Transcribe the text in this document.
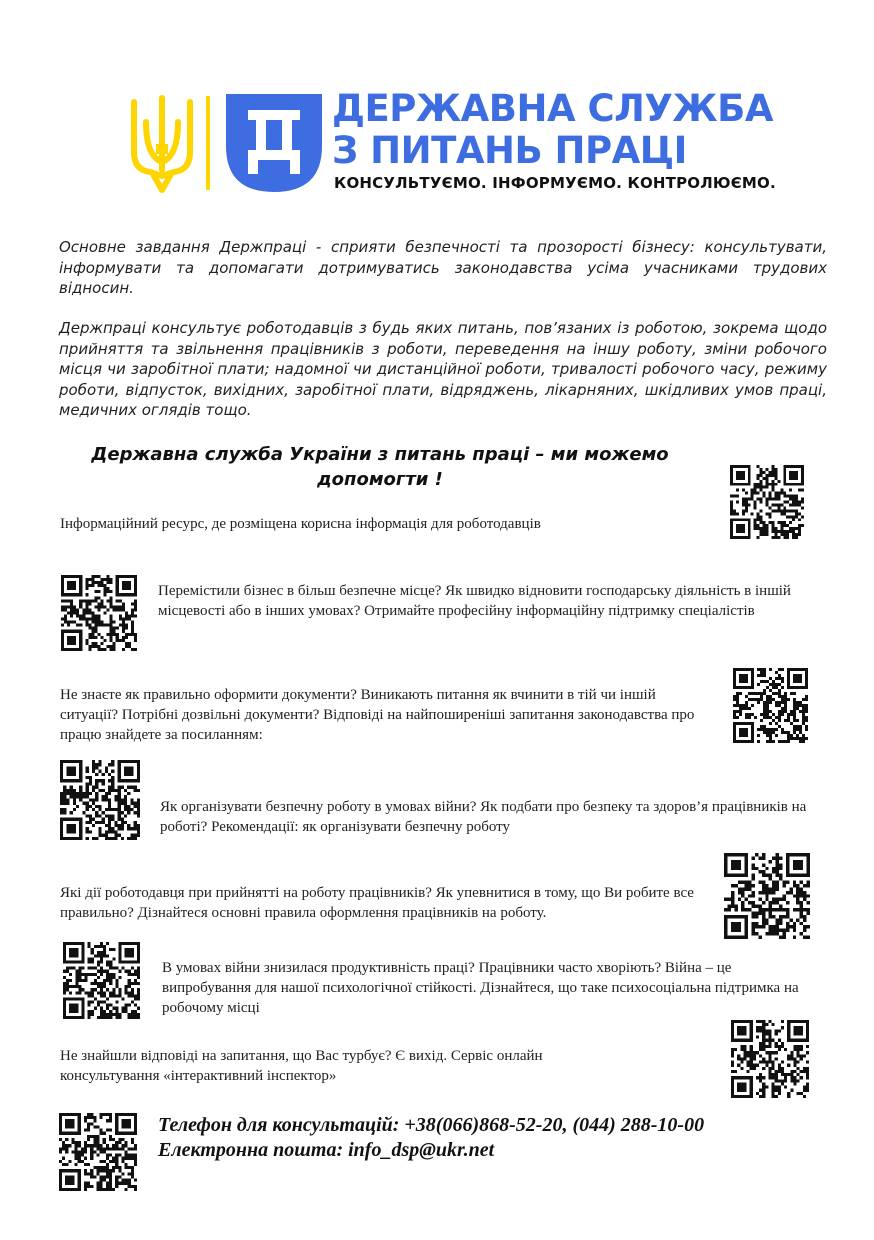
ДЕРЖАВНА СЛУЖБА
З ПИТАНЬ ПРАЦІ
КОНСУЛЬТУЄМО. ІНФОРМУЄМО. КОНТРОЛЮЄМО.
Основне завдання Держпраці - сприяти безпечності та прозорості бізнесу: консультувати, інформувати та допомагати дотримуватись законодавства усіма учасниками трудових відносин.
Держпраці консультує роботодавців з будь яких питань, пов’язаних із роботою, зокрема щодо прийняття та звільнення працівників з роботи, переведення на іншу роботу, зміни робочого місця чи заробітної плати; надомної чи дистанційної роботи, тривалості робочого часу, режиму роботи, відпусток, вихідних, заробітної плати, відряджень, лікарняних, шкідливих умов праці, медичних оглядів тощо.
Державна служба України з питань праці – ми можемо допомогти !
Інформаційний ресурс, де розміщена корисна інформація для роботодавців
Перемістили бізнес в більш безпечне місце? Як швидко відновити господарську діяльність в іншій місцевості або в інших умовах? Отримайте професійну інформаційну підтримку спеціалістів
Не знаєте як правильно оформити документи? Виникають питання як вчинити в тій чи іншій ситуації? Потрібні дозвільні документи? Відповіді на найпоширеніші запитання законодавства про працю знайдете за посиланням:
Як організувати безпечну роботу в умовах війни? Як подбати про безпеку та здоров’я працівників на роботі? Рекомендації: як організувати безпечну роботу
Які дії роботодавця при прийнятті на роботу працівників? Як упевнитися в тому, що Ви робите все правильно? Дізнайтеся основні правила оформлення працівників на роботу.
В умовах війни знизилася продуктивність праці? Працівники часто хворіють? Війна – це випробування для нашої психологічної стійкості. Дізнайтеся, що таке психосоціальна підтримка на робочому місці
Не знайшли відповіді на запитання, що Вас турбує? Є вихід. Сервіс онлайн консультування «інтерактивний інспектор»
Телефон для консультацій: +38(066)868-52-20, (044) 288-10-00
Електронна пошта: info_dsp@ukr.net
